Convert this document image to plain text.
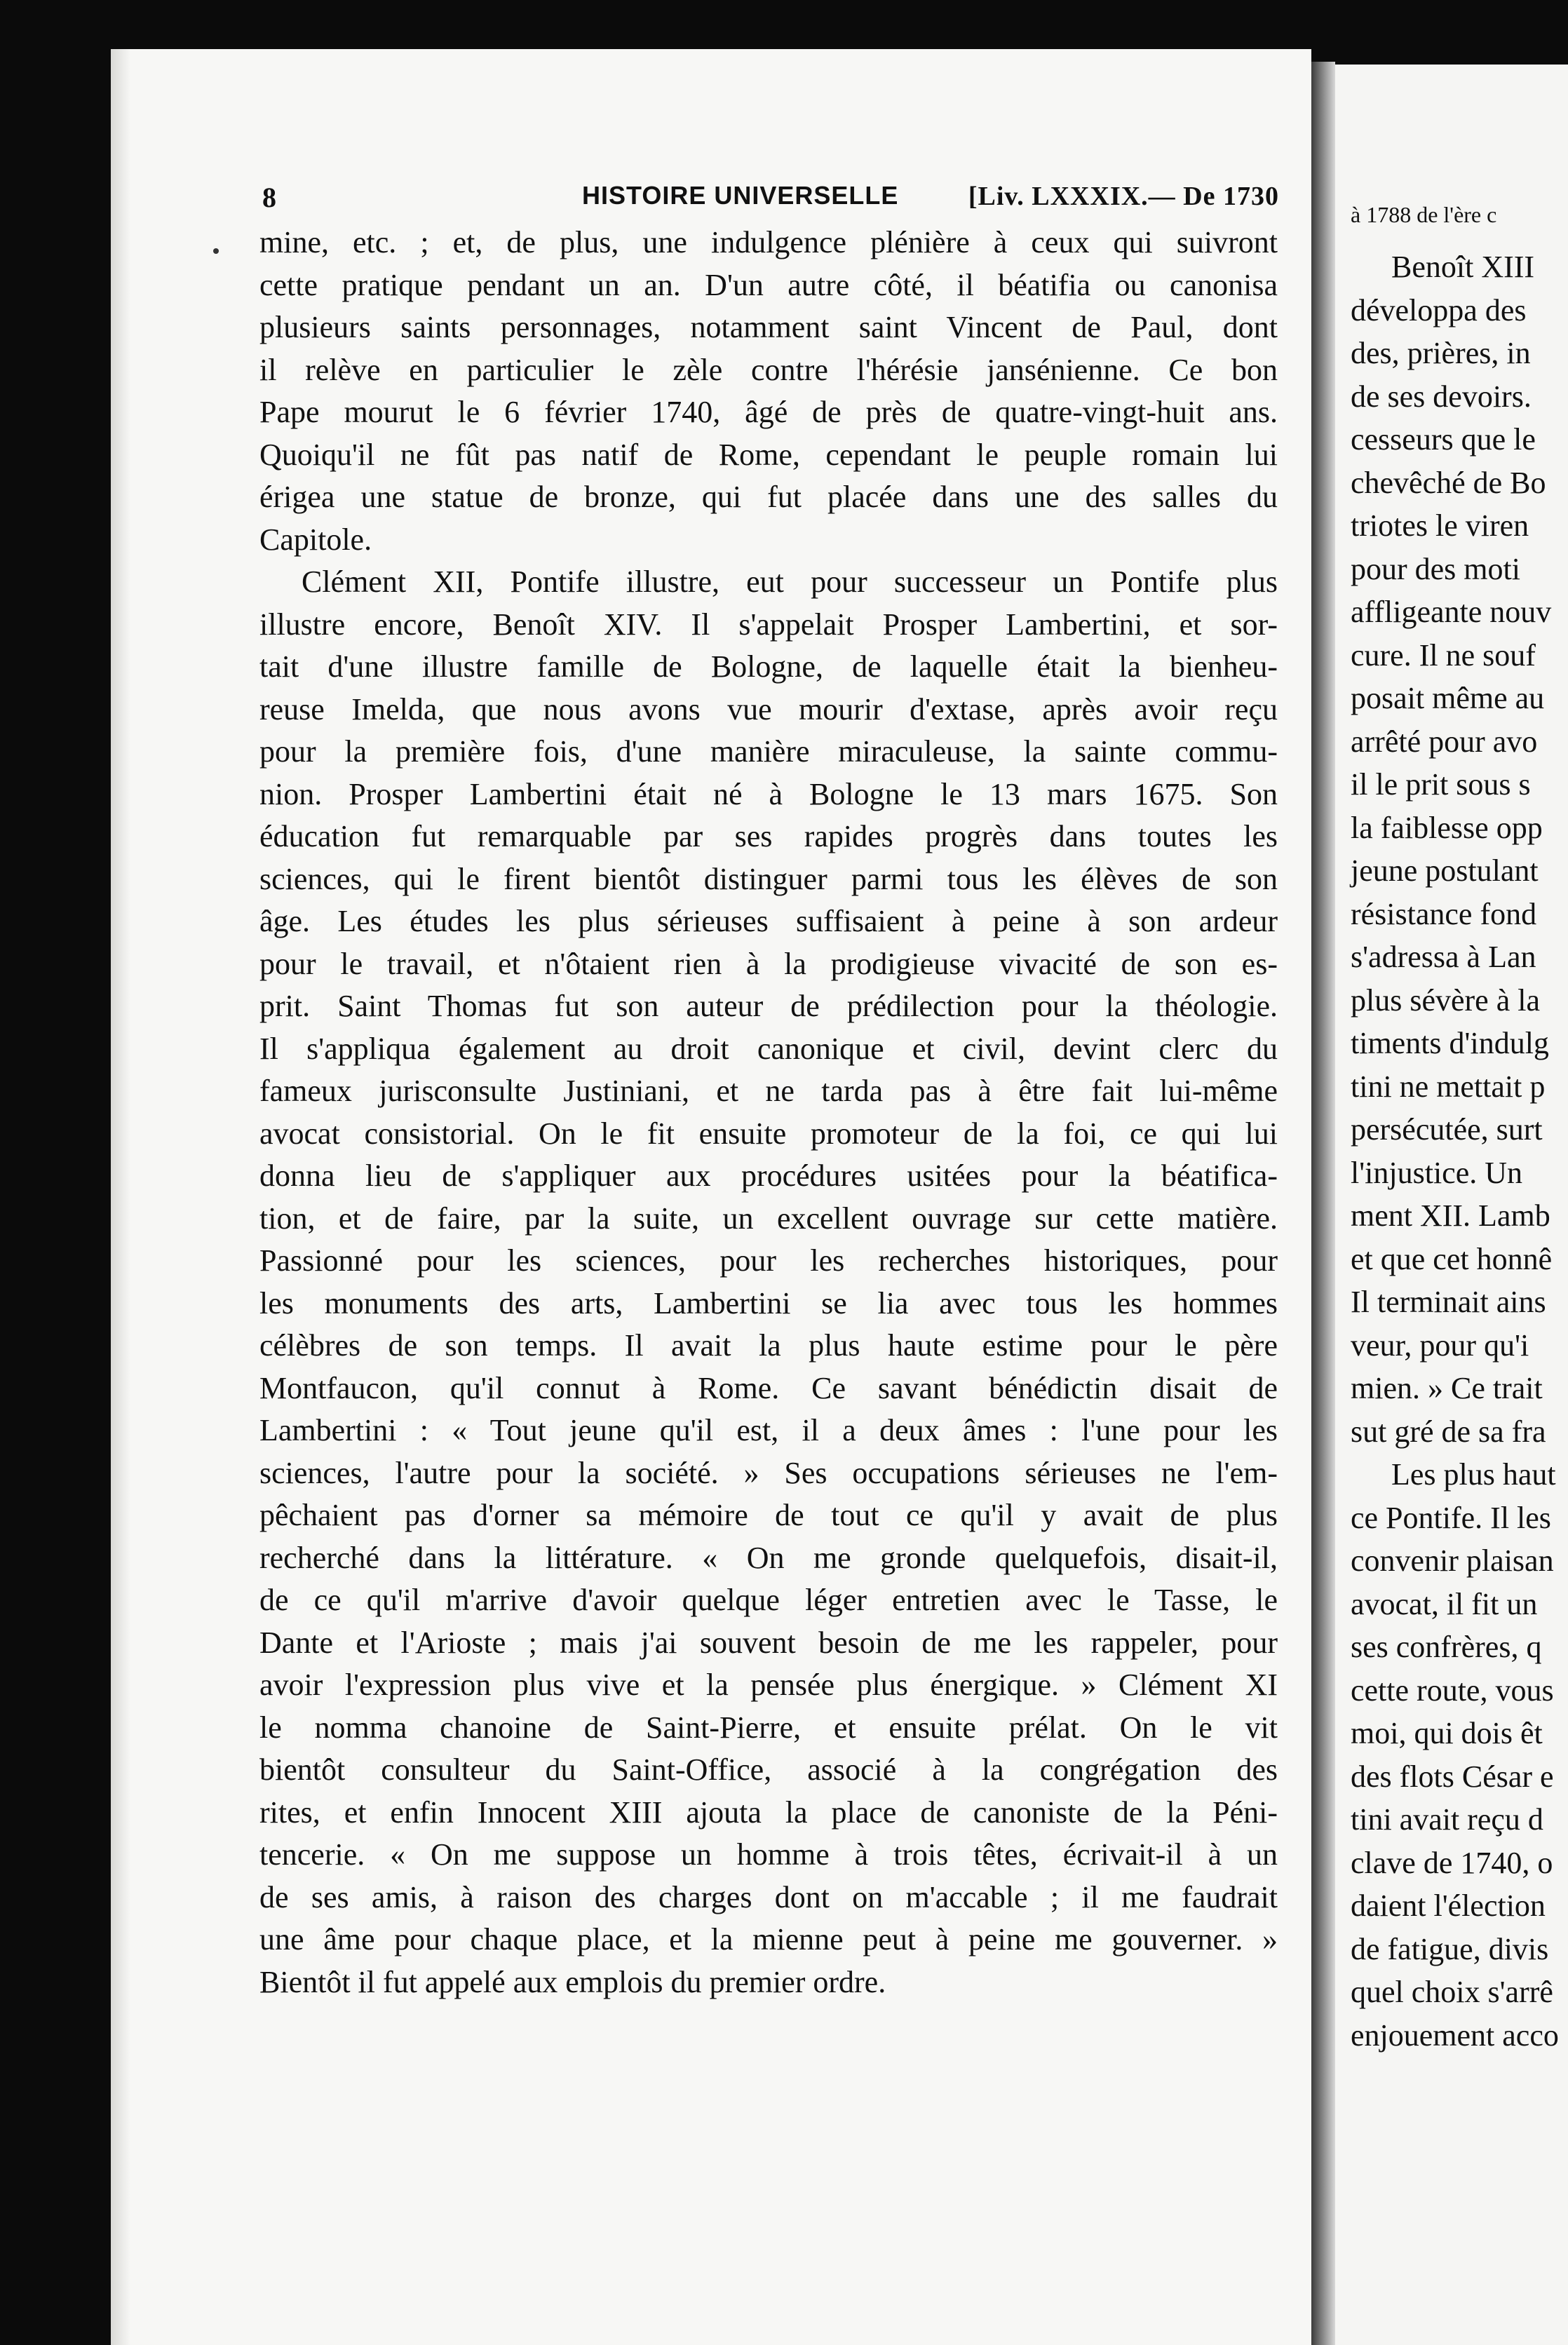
8	HISTOIRE UNIVERSELLE	[Liv. LXXXIX.— De 1730
mine, etc. ; et, de plus, une indulgence plénière à ceux qui suivront
cette pratique pendant un an. D'un autre côté, il béatifia ou canonisa
plusieurs saints personnages, notamment saint Vincent de Paul, dont
il relève en particulier le zèle contre l'hérésie jansénienne. Ce bon
Pape mourut le 6 février 1740, âgé de près de quatre-vingt-huit ans.
Quoiqu'il ne fût pas natif de Rome, cependant le peuple romain lui
érigea une statue de bronze, qui fut placée dans une des salles du
Capitole.
Clément XII, Pontife illustre, eut pour successeur un Pontife plus
illustre encore, Benoît XIV. Il s'appelait Prosper Lambertini, et sor-
tait d'une illustre famille de Bologne, de laquelle était la bienheu-
reuse Imelda, que nous avons vue mourir d'extase, après avoir reçu
pour la première fois, d'une manière miraculeuse, la sainte commu-
nion. Prosper Lambertini était né à Bologne le 13 mars 1675. Son
éducation fut remarquable par ses rapides progrès dans toutes les
sciences, qui le firent bientôt distinguer parmi tous les élèves de son
âge. Les études les plus sérieuses suffisaient à peine à son ardeur
pour le travail, et n'ôtaient rien à la prodigieuse vivacité de son es-
prit. Saint Thomas fut son auteur de prédilection pour la théologie.
Il s'appliqua également au droit canonique et civil, devint clerc du
fameux jurisconsulte Justiniani, et ne tarda pas à être fait lui-même
avocat consistorial. On le fit ensuite promoteur de la foi, ce qui lui
donna lieu de s'appliquer aux procédures usitées pour la béatifica-
tion, et de faire, par la suite, un excellent ouvrage sur cette matière.
Passionné pour les sciences, pour les recherches historiques, pour
les monuments des arts, Lambertini se lia avec tous les hommes
célèbres de son temps. Il avait la plus haute estime pour le père
Montfaucon, qu'il connut à Rome. Ce savant bénédictin disait de
Lambertini : « Tout jeune qu'il est, il a deux âmes : l'une pour les
sciences, l'autre pour la société. » Ses occupations sérieuses ne l'em-
pêchaient pas d'orner sa mémoire de tout ce qu'il y avait de plus
recherché dans la littérature. « On me gronde quelquefois, disait-il,
de ce qu'il m'arrive d'avoir quelque léger entretien avec le Tasse, le
Dante et l'Arioste ; mais j'ai souvent besoin de me les rappeler, pour
avoir l'expression plus vive et la pensée plus énergique. » Clément XI
le nomma chanoine de Saint-Pierre, et ensuite prélat. On le vit
bientôt consulteur du Saint-Office, associé à la congrégation des
rites, et enfin Innocent XIII ajouta la place de canoniste de la Péni-
tencerie. « On me suppose un homme à trois têtes, écrivait-il à un
de ses amis, à raison des charges dont on m'accable ; il me faudrait
une âme pour chaque place, et la mienne peut à peine me gouverner. »
Bientôt il fut appelé aux emplois du premier ordre.
à 1788 de l'ère c
Benoît XIII
développa des
des, prières, in
de ses devoirs.
cesseurs que le
chevêché de Bo
triotes le viren
pour des moti
affligeante nouv
cure. Il ne souf
posait même au
arrêté pour avo
il le prit sous s
la faiblesse opp
jeune postulant
résistance fond
s'adressa à Lan
plus sévère à la
timents d'indulg
tini ne mettait p
persécutée, surt
l'injustice. Un
ment XII. Lamb
et que cet honnê
Il terminait ains
veur, pour qu'i
mien. » Ce trait
sut gré de sa fra
Les plus haut
ce Pontife. Il les
convenir plaisan
avocat, il fit un
ses confrères, q
cette route, vous
moi, qui dois êt
des flots César e
tini avait reçu d
clave de 1740, o
daient l'élection
de fatigue, divis
quel choix s'arrê
enjouement acco
